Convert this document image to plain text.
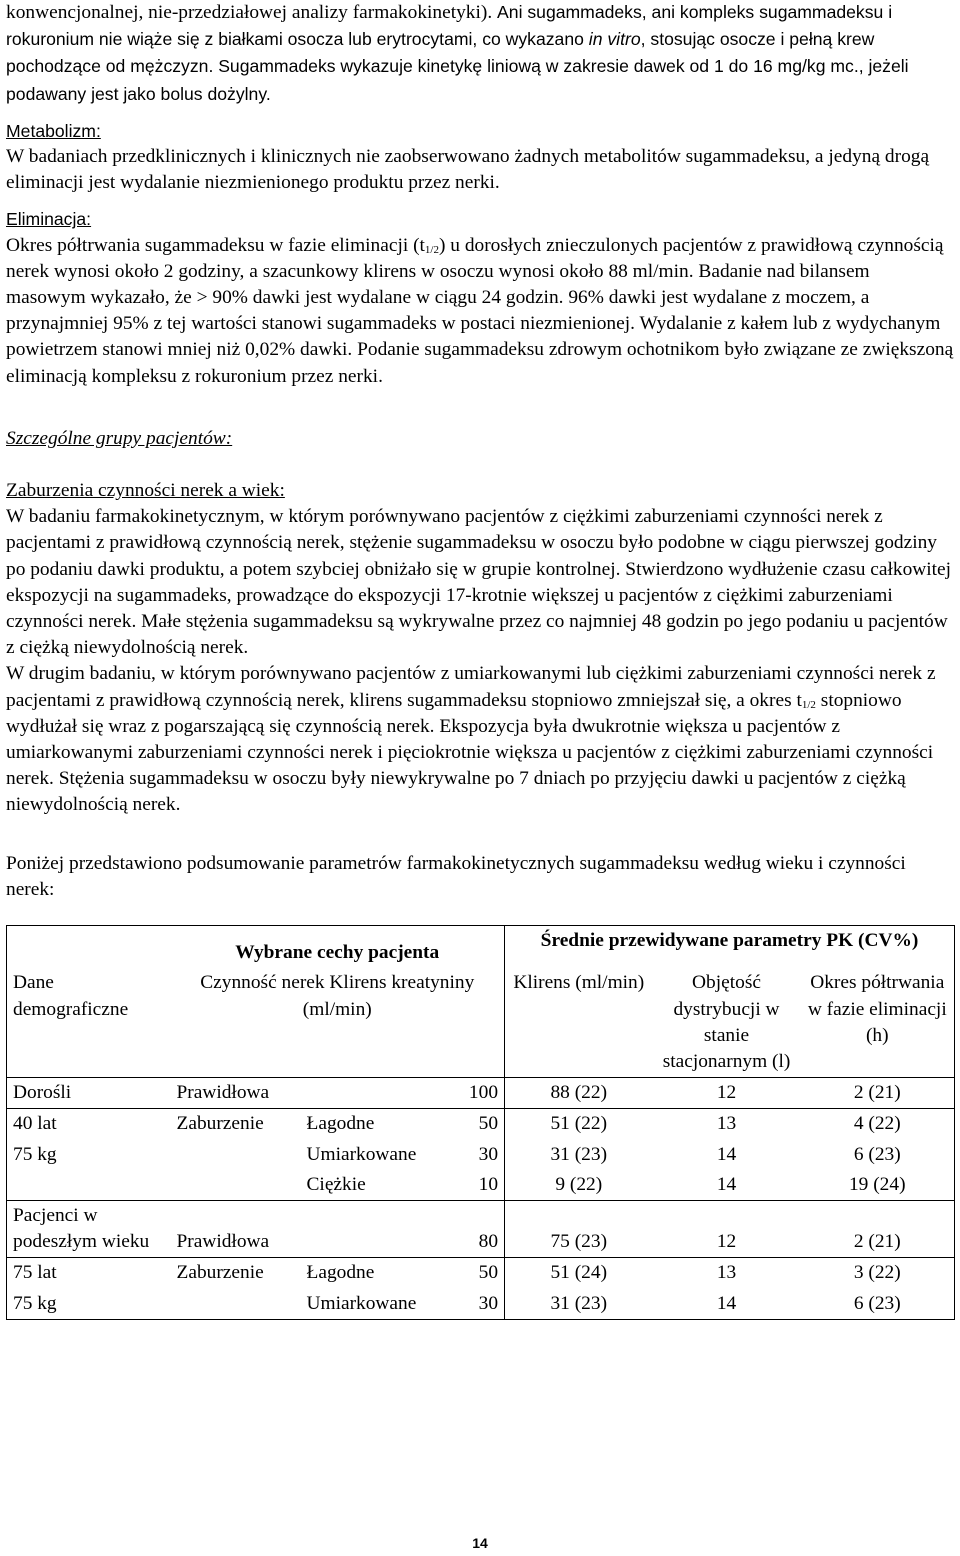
konwencjonalnej, nie-przedziałowej analizy farmakokinetyki). Ani sugammadeks, ani kompleks sugammadeksu i rokuronium nie wiąże się z białkami osocza lub erytrocytami, co wykazano in vitro, stosując osocze i pełną krew pochodzące od mężczyzn. Sugammadeks wykazuje kinetykę liniową w zakresie dawek od 1 do 16 mg/kg mc., jeżeli podawany jest jako bolus dożylny.

Metabolizm:

W badaniach przedklinicznych i klinicznych nie zaobserwowano żadnych metabolitów sugammadeksu, a jedyną drogą eliminacji jest wydalanie niezmienionego produktu przez nerki.

Eliminacja:

Okres półtrwania sugammadeksu w fazie eliminacji $(t_{1/2})$ u dorosłych znieczulonych pacjentów z prawidłową czynnością nerek wynosi około 2 godziny, a szacunkowy klirens w osoczu wynosi około 88 ml/min. Badanie nad bilansem masowym wykazało, że > 90% dawki jest wydalane w ciągu 24 godzin. 96% dawki jest wydalane z moczem, a przynajmniej 95% z tej wartości stanowi sugammadeks w postaci niezmienionej. Wydalanie z kałem lub z wydychanym powietrzem stanowi mniej niż 0,02% dawki. Podanie sugammadeksu zdrowym ochotnikom było związane ze zwiększoną eliminacją kompleksu z rokuronium przez nerki.

Szczególne grupy pacjentów:

Zaburzenia czynności nerek a wiek:

W badaniu farmakokinetycznym, w którym porównywano pacjentów z ciężkimi zaburzeniami czynności nerek z pacjentami z prawidłową czynnością nerek, stężenie sugammadeksu w osoczu było podobne w ciągu pierwszej godziny po podaniu dawki produktu, a potem szybciej obniżało się w grupie kontrolnej. Stwierdzono wydłużenie czasu całkowitej ekspozycji na sugammadeks, prowadzące do ekspozycji 17-krotnie większej u pacjentów z ciężkimi zaburzeniami czynności nerek. Małe stężenia sugammadeksu są wykrywalne przez co najmniej 48 godzin po jego podaniu u pacjentów z ciężką niewydolnością nerek.

W drugim badaniu, w którym porównywano pacjentów z umiarkowanymi lub ciężkimi zaburzeniami czynności nerek z pacjentami z prawidłową czynnością nerek, klirens sugammadeksu stopniowo zmniejszał się, a okres $t_{1/2}$ stopniowo wydłużał się wraz z pogarszającą się czynnością nerek. Ekspozycja była dwukrotnie większa u pacjentów z umiarkowanymi zaburzeniami czynności nerek i pięciokrotnie większa u pacjentów z ciężkimi zaburzeniami czynności nerek. Stężenia sugammadeksu w osoczu były niewykrywalne po 7 dniach po przyjęciu dawki u pacjentów z ciężką niewydolnością nerek.

Poniżej przedstawiono podsumowanie parametrów farmakokinetycznych sugammadeksu według wieku i czynności nerek:

	Wybrane cechy pacjenta			Średnie przewidywane parametry PK (CV%)		
Dane demograficzne	Czynność nerek Klirens kreatyniny (ml/min)			Klirens (ml/min)	Objętość dystrybucji w stanie stacjonarnym (l)	Okres półtrwania w fazie eliminacji (h)
Dorośli	Prawidłowa		100	88 (22)	12	2 (21)
40 lat	Zaburzenie	Łagodne	50	51 (22)	13	4 (22)
75 kg		Umiarkowane	30	31 (23)	14	6 (23)
		Ciężkie	10	9 (22)	14	19 (24)
Pacjenci w podeszłym wieku	Prawidłowa		80	75 (23)	12	2 (21)
75 lat	Zaburzenie	Łagodne	50	51 (24)	13	3 (22)
75 kg		Umiarkowane	30	31 (23)	14	6 (23)
14
